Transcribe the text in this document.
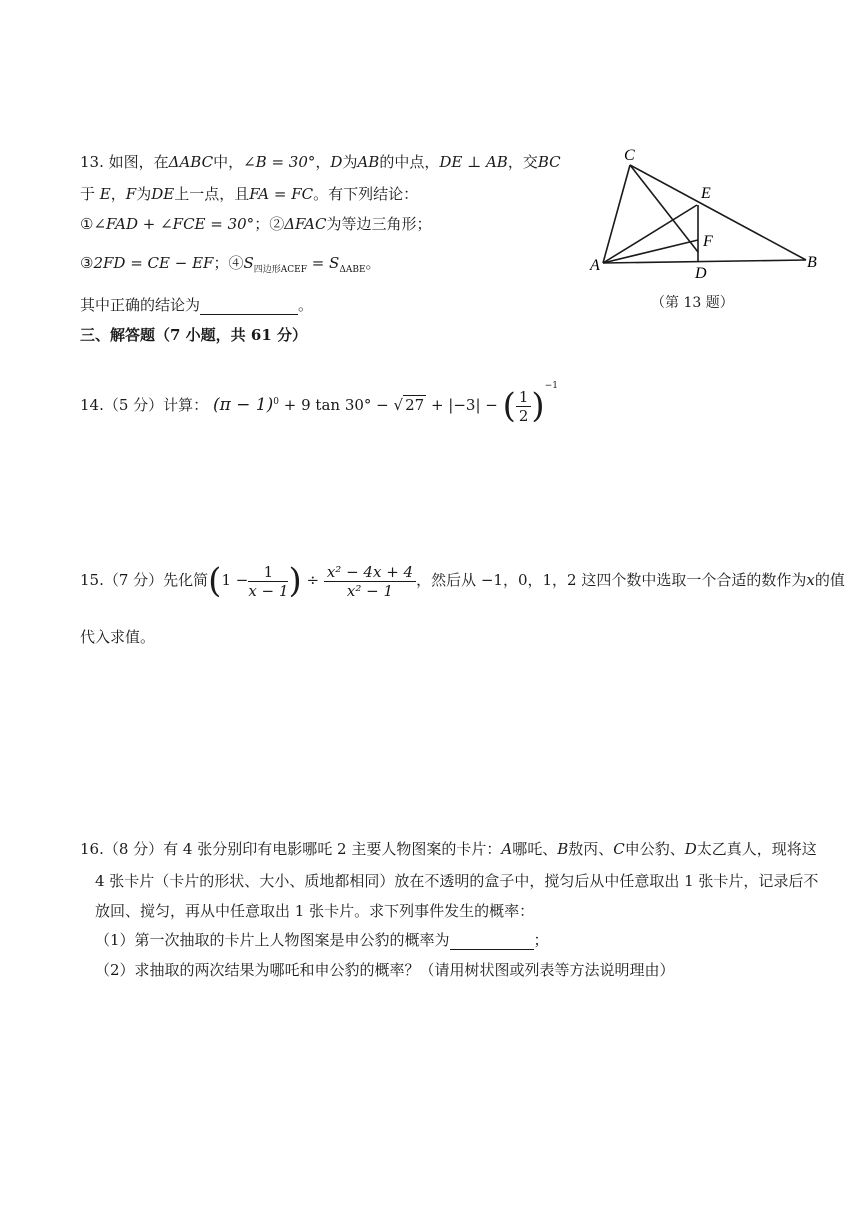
13. 如图，在ΔABC中，∠B = 30°，D为AB的中点，DE ⊥ AB，交BC
于 E，F为DE上一点，且FA = FC。有下列结论：
①∠FAD + ∠FCE = 30°；②ΔFAC为等边三角形；
③2FD = CE − EF；$④S_{四边形ACEF} = S_{\Delta ABE}$。
其中正确的结论为	。
C
E
F
A	D
B
（第 13 题）
三、解答题（7 小题，共 61 分）
14.（5 分）计算： $(\pi - 1)^0 + 9$ tan 30° − √ 27 + |−3| − ( $\frac{1}{2} )^{-1}$
15.（7 分）先化简($1 - \frac{1}{x - 1}$ ) ÷ $\frac{\text{x² − 4x + 4}}{\text{x² − 1}}$ ，然后从 −1，0，1，2 这四个数中选取一个合适的数作为x的值
代入求值。
16.（8 分）有 4 张分别印有电影哪吒 2 主要人物图案的卡片：A哪吒、B敖丙、C申公豹、D太乙真人，现将这
4 张卡片（卡片的形状、大小、质地都相同）放在不透明的盒子中，搅匀后从中任意取出 1 张卡片，记录后不
放回、搅匀，再从中任意取出 1 张卡片。求下列事件发生的概率：
（1）第一次抽取的卡片上人物图案是申公豹的概率为	；
（2）求抽取的两次结果为哪吒和申公豹的概率？（请用树状图或列表等方法说明理由）
